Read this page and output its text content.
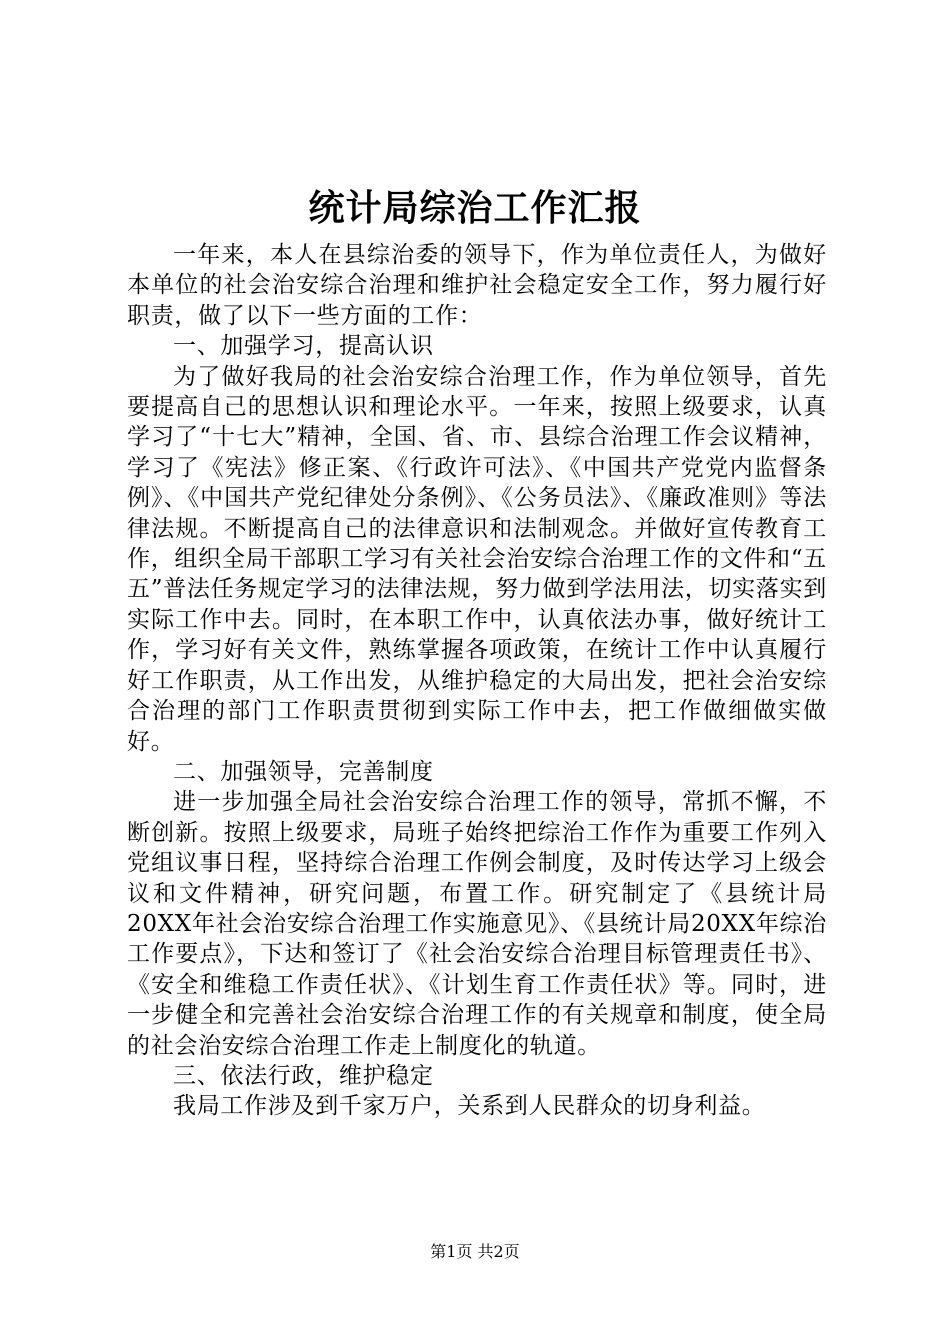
统计局综治工作汇报

一年来，本人在县综治委的领导下，作为单位责任人，为做好本单位的社会治安综合治理和维护社会稳定安全工作，努力履行好职责，做了以下一些方面的工作：

一、加强学习，提高认识

为了做好我局的社会治安综合治理工作，作为单位领导，首先要提高自己的思想认识和理论水平。一年来，按照上级要求，认真学习了“十七大”精神，全国、省、市、县综合治理工作会议精神，学习了《宪法》修正案、《行政许可法》、《中国共产党党内监督条例》、《中国共产党纪律处分条例》、《公务员法》、《廉政准则》等法律法规。不断提高自己的法律意识和法制观念。并做好宣传教育工作，组织全局干部职工学习有关社会治安综合治理工作的文件和“五五”普法任务规定学习的法律法规，努力做到学法用法，切实落实到实际工作中去。同时，在本职工作中，认真依法办事，做好统计工作，学习好有关文件，熟练掌握各项政策，在统计工作中认真履行好工作职责，从工作出发，从维护稳定的大局出发，把社会治安综合治理的部门工作职责贯彻到实际工作中去，把工作做细做实做好。

二、加强领导，完善制度

进一步加强全局社会治安综合治理工作的领导，常抓不懈，不断创新。按照上级要求，局班子始终把综治工作作为重要工作列入党组议事日程，坚持综合治理工作例会制度，及时传达学习上级会议和文件精神，研究问题，布置工作。研究制定了《县统计局20XX年社会治安综合治理工作实施意见》、《县统计局20XX年综治工作要点》，下达和签订了《社会治安综合治理目标管理责任书》、《安全和维稳工作责任状》、《计划生育工作责任状》等。同时，进一步健全和完善社会治安综合治理工作的有关规章和制度，使全局的社会治安综合治理工作走上制度化的轨道。

三、依法行政，维护稳定

我局工作涉及到千家万户，关系到人民群众的切身利益。

第1页 共2页
